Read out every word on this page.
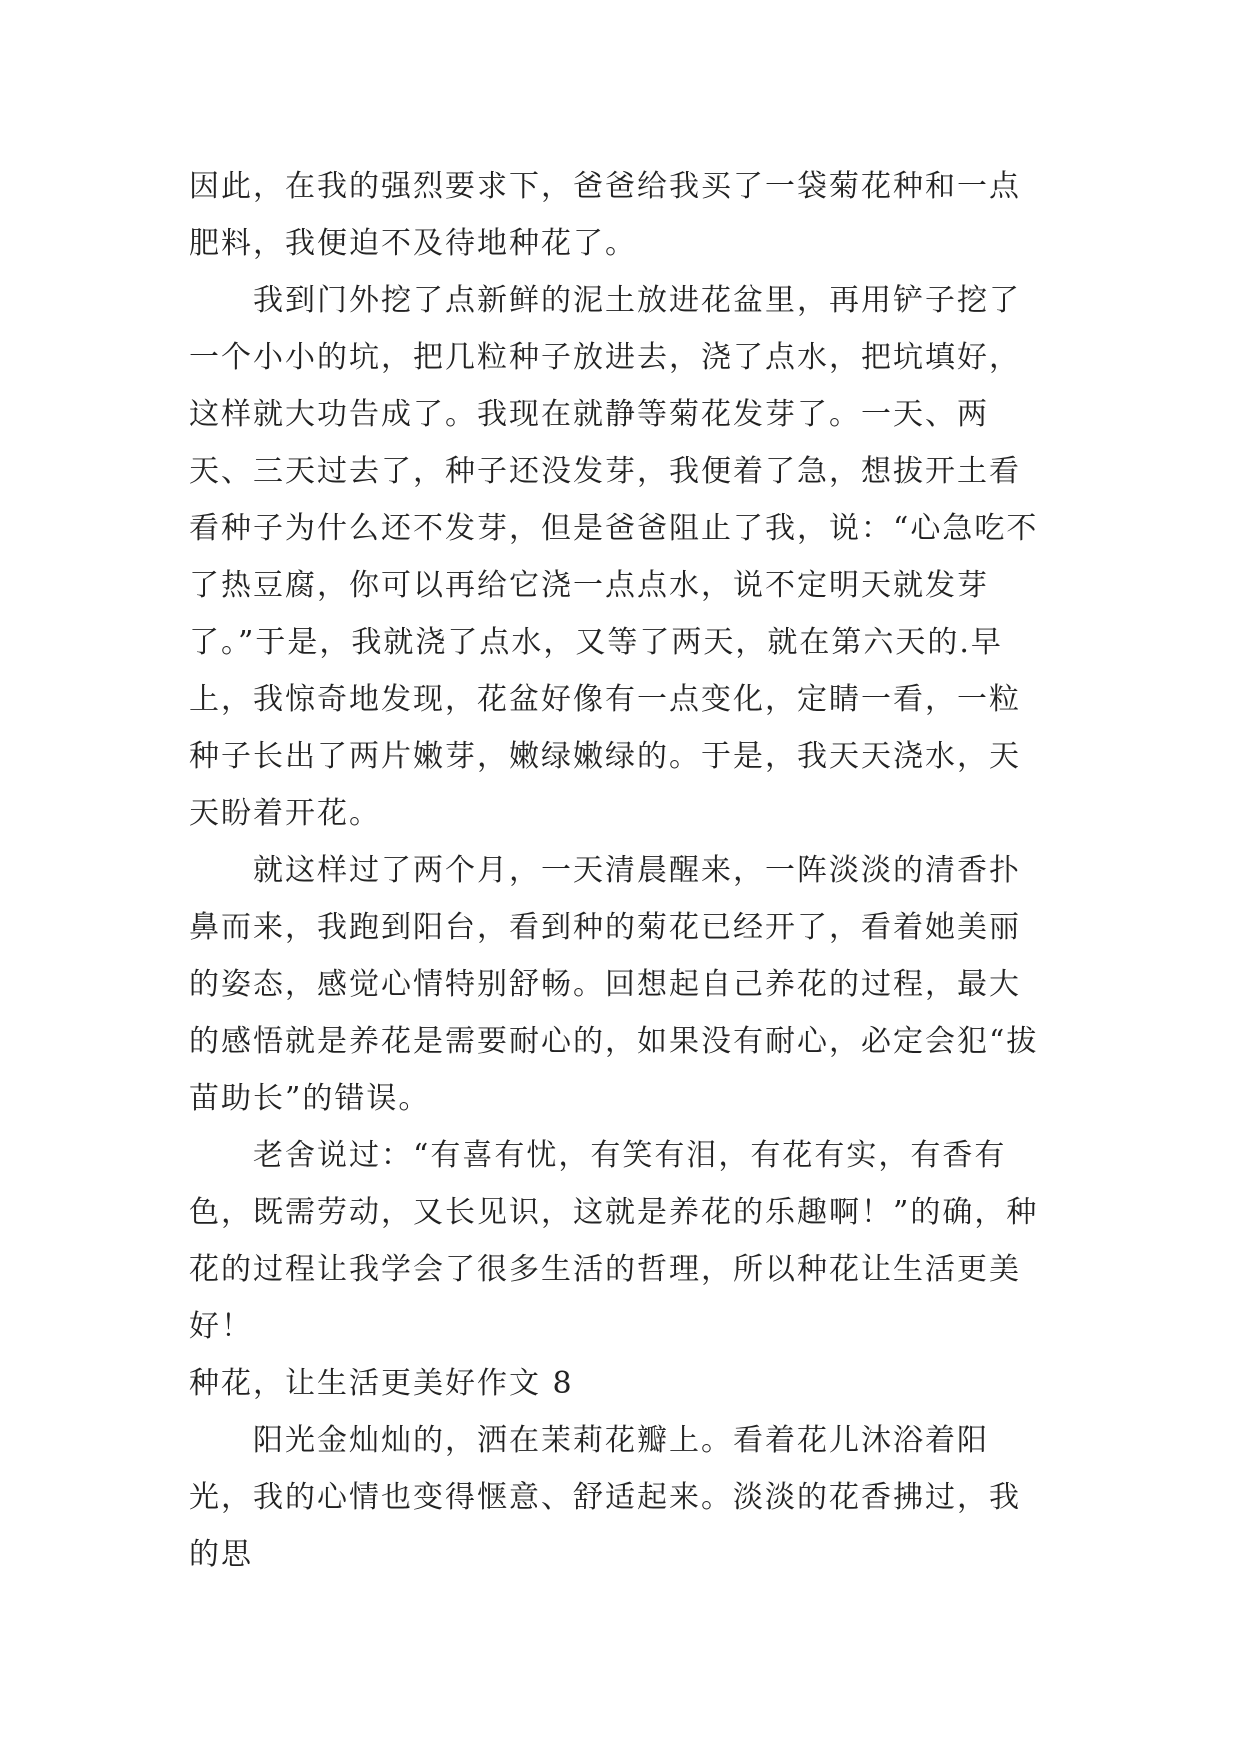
因此，在我的强烈要求下，爸爸给我买了一袋菊花种和一点肥料，我便迫不及待地种花了。

我到门外挖了点新鲜的泥土放进花盆里，再用铲子挖了一个小小的坑，把几粒种子放进去，浇了点水，把坑填好，这样就大功告成了。我现在就静等菊花发芽了。一天、两天、三天过去了，种子还没发芽，我便着了急，想拔开土看看种子为什么还不发芽，但是爸爸阻止了我，说：“心急吃不了热豆腐，你可以再给它浇一点点水，说不定明天就发芽了。”于是，我就浇了点水，又等了两天，就在第六天的.早上，我惊奇地发现，花盆好像有一点变化，定睛一看，一粒种子长出了两片嫩芽，嫩绿嫩绿的。于是，我天天浇水，天天盼着开花。

就这样过了两个月，一天清晨醒来，一阵淡淡的清香扑鼻而来，我跑到阳台，看到种的菊花已经开了，看着她美丽的姿态，感觉心情特别舒畅。回想起自己养花的过程，最大的感悟就是养花是需要耐心的，如果没有耐心，必定会犯“拔苗助长”的错误。

老舍说过：“有喜有忧，有笑有泪，有花有实，有香有色，既需劳动，又长见识，这就是养花的乐趣啊！”的确，种花的过程让我学会了很多生活的哲理，所以种花让生活更美好！

种花，让生活更美好作文 8

阳光金灿灿的，洒在茉莉花瓣上。看着花儿沐浴着阳光，我的心情也变得惬意、舒适起来。淡淡的花香拂过，我的思
